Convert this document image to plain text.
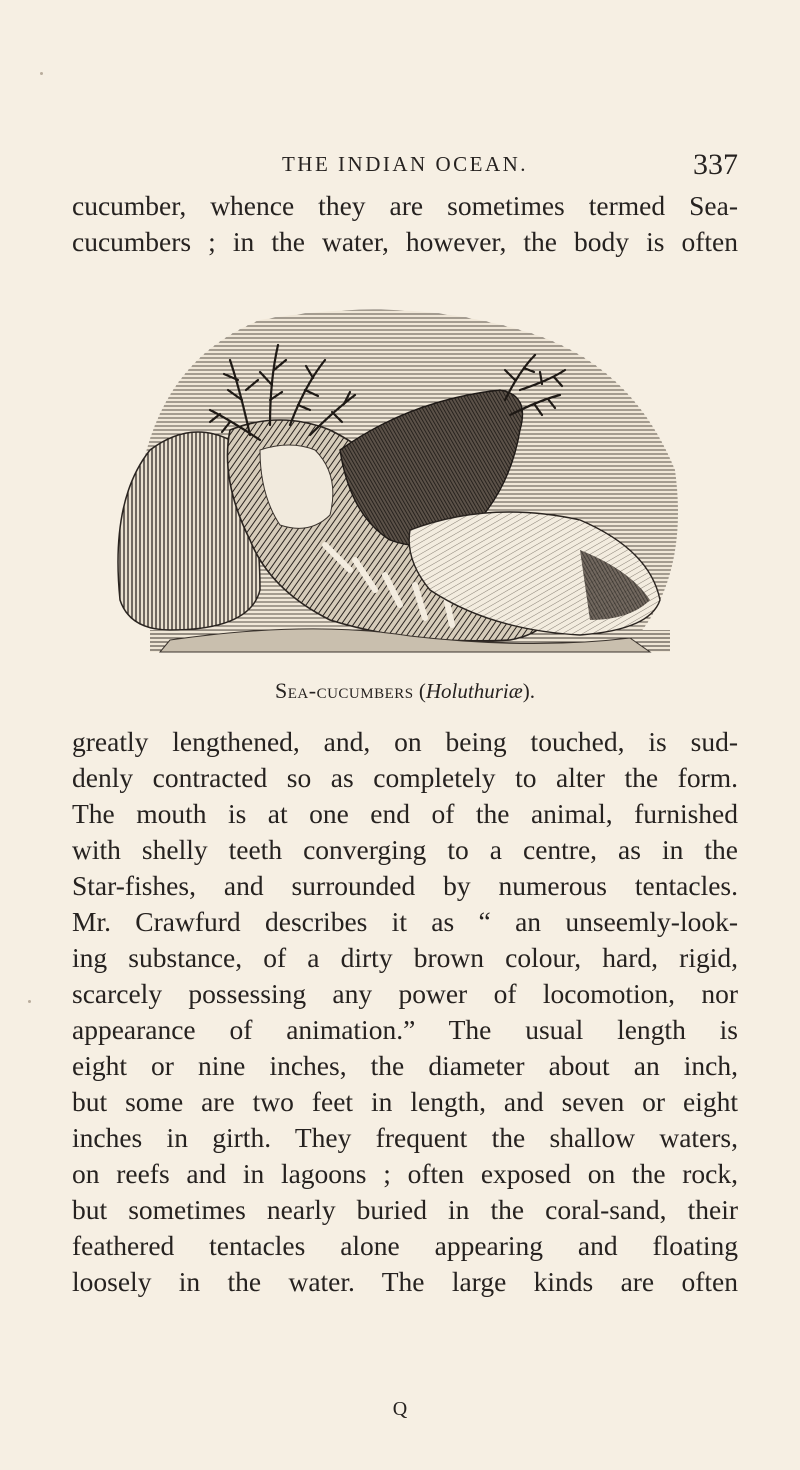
THE INDIAN OCEAN.	337
cucumber, whence they are sometimes termed Sea-
cucumbers ; in the water, however, the body is often
Sea-cucumbers (Holuthuriæ).
greatly lengthened, and, on being touched, is sud-
denly contracted so as completely to alter the form.
The mouth is at one end of the animal, furnished
with shelly teeth converging to a centre, as in the
Star-fishes, and surrounded by numerous tentacles.
Mr. Crawfurd describes it as “ an unseemly-look-
ing substance, of a dirty brown colour, hard, rigid,
scarcely possessing any power of locomotion, nor
appearance of animation.” The usual length is
eight or nine inches, the diameter about an inch,
but some are two feet in length, and seven or eight
inches in girth. They frequent the shallow waters,
on reefs and in lagoons ; often exposed on the rock,
but sometimes nearly buried in the coral-sand, their
feathered tentacles alone appearing and floating
loosely in the water. The large kinds are often
Q
